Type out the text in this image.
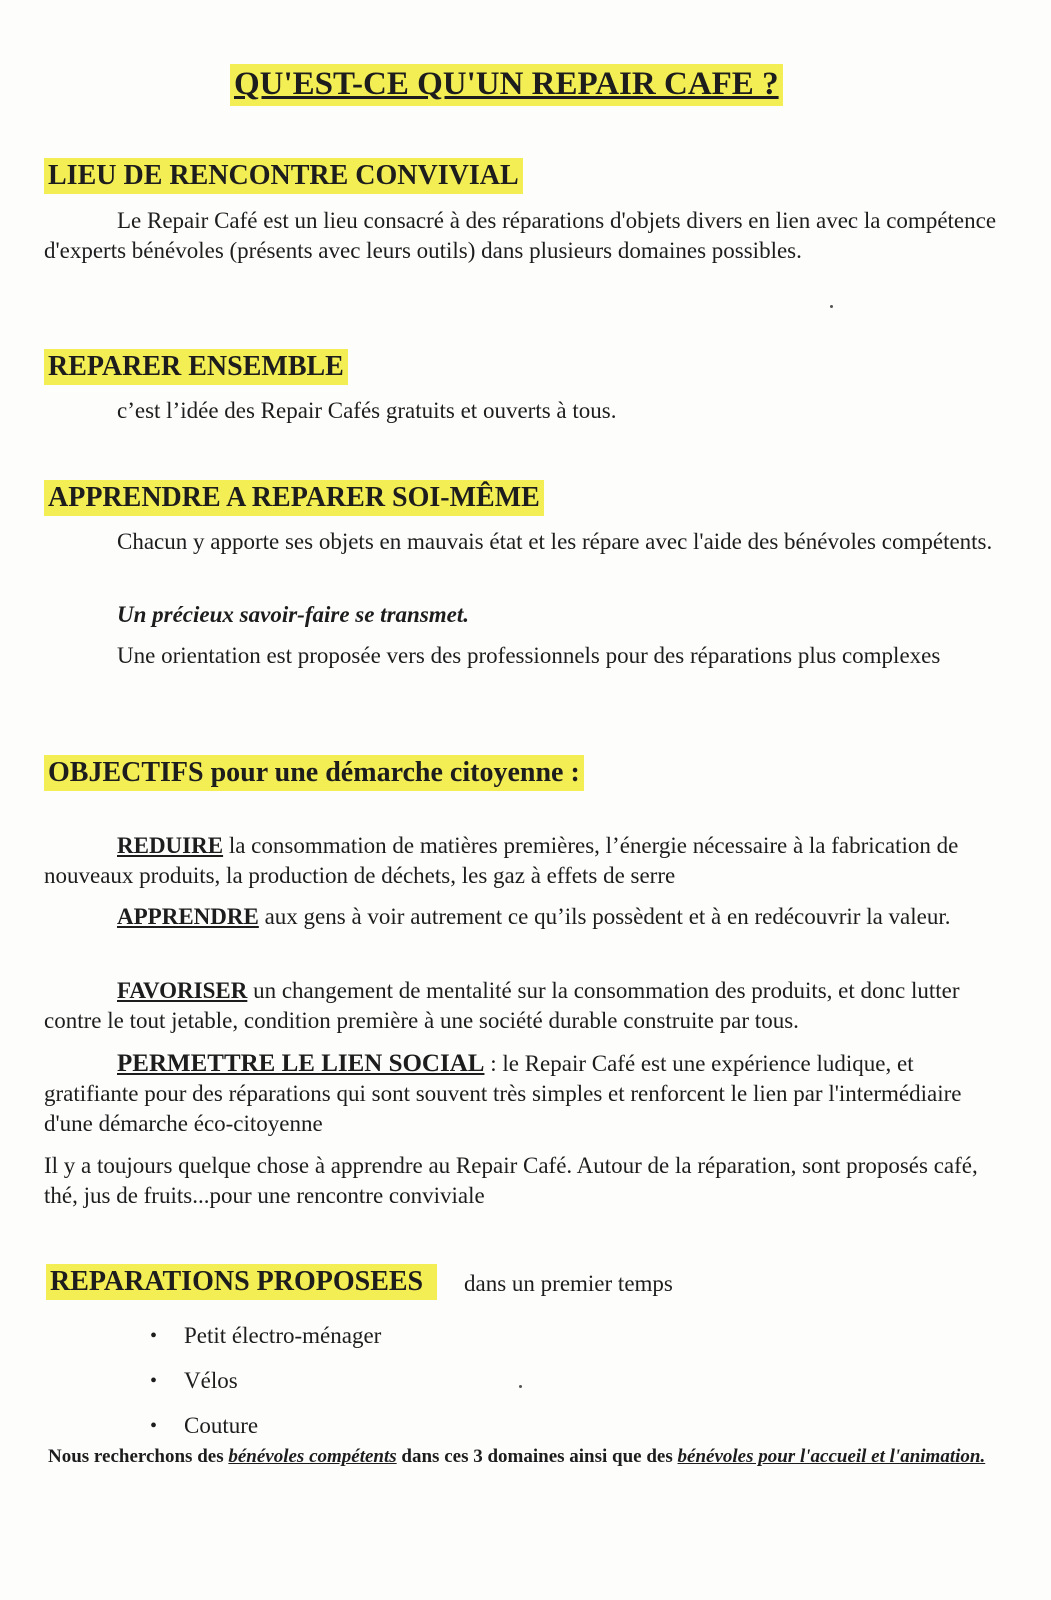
QU'EST-CE QU'UN REPAIR CAFE ?
LIEU DE RENCONTRE CONVIVIAL

Le Repair Café est un lieu consacré à des réparations d'objets divers en lien avec la compétence d'experts bénévoles (présents avec leurs outils) dans plusieurs domaines possibles.

REPARER ENSEMBLE

c’est l’idée des Repair Cafés gratuits et ouverts à tous.

APPRENDRE A REPARER SOI-MÊME

Chacun y apporte ses objets en mauvais état et les répare avec l'aide des bénévoles compétents.

Un précieux savoir-faire se transmet.

Une orientation est proposée vers des professionnels pour des réparations plus complexes

OBJECTIFS pour une démarche citoyenne :

REDUIRE la consommation de matières premières, l’énergie nécessaire à la fabrication de nouveaux produits, la production de déchets, les gaz à effets de serre

APPRENDRE aux gens à voir autrement ce qu’ils possèdent et à en redécouvrir la valeur.

FAVORISER un changement de mentalité sur la consommation des produits, et donc lutter contre le tout jetable, condition première à une société durable construite par tous.

PERMETTRE LE LIEN SOCIAL : le Repair Café est une expérience ludique, et gratifiante pour des réparations qui sont souvent très simples et renforcent le lien par l'intermédiaire d'une démarche éco-citoyenne

Il y a toujours quelque chose à apprendre au Repair Café. Autour de la réparation, sont proposés café, thé, jus de fruits...pour une rencontre conviviale

REPARATIONS PROPOSEES	dans un premier temps
•	Petit électro-ménager
•	Vélos
•	Couture

Nous recherchons des bénévoles compétents dans ces 3 domaines ainsi que des bénévoles pour l'accueil et l'animation.
